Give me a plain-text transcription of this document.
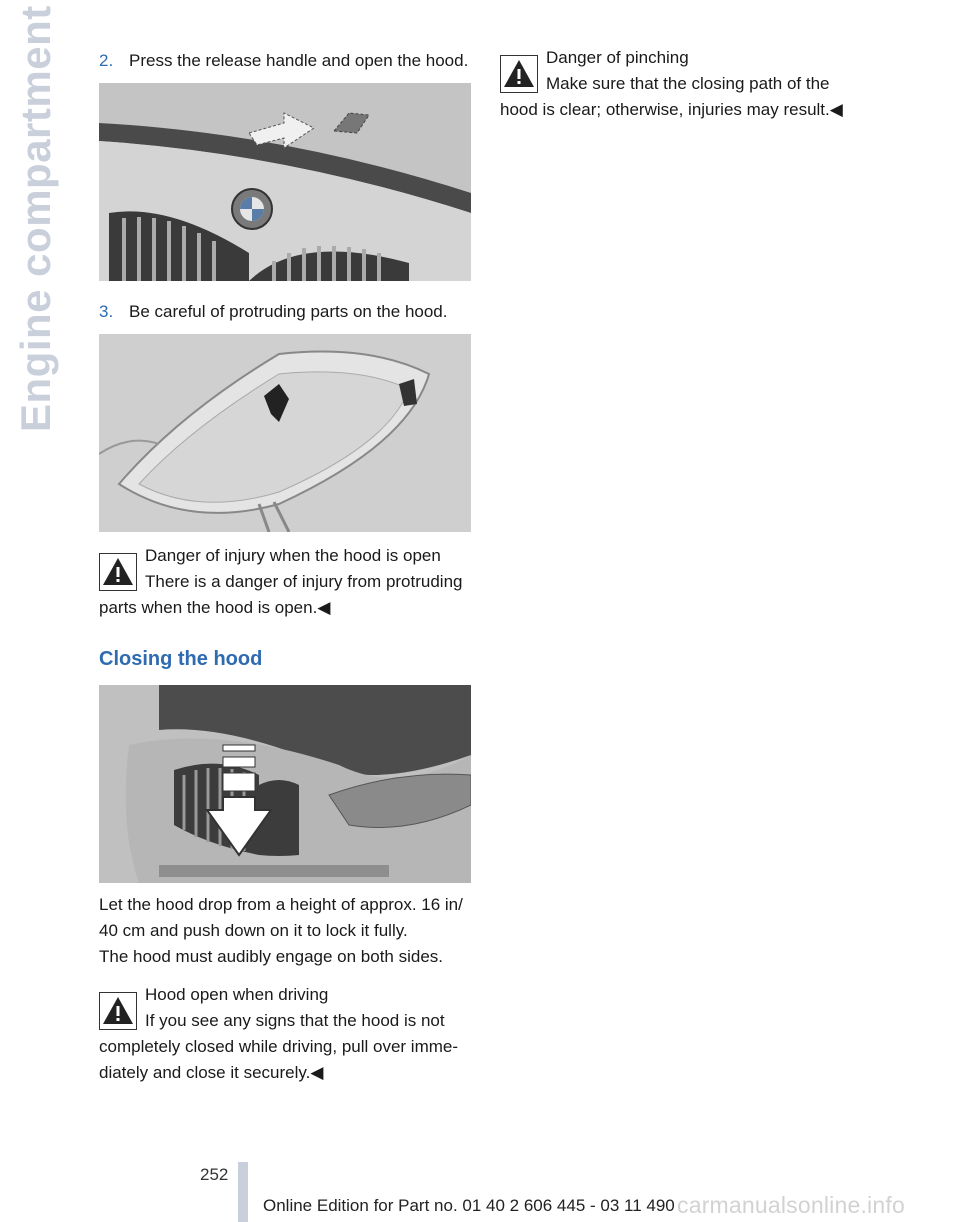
Engine compartment	2. Press the release handle and open the hood.
3. Be careful of protruding parts on the hood.

Danger of injury when the hood is open

There is a danger of injury from protruding

parts when the hood is open.◀

Closing the hood

Let the hood drop from a height of approx. 16 in/ 40 cm and push down on it to lock it fully.

The hood must audibly engage on both sides.

Hood open when driving

If you see any signs that the hood is not

completely closed while driving, pull over imme-diately and close it securely.◀

Danger of pinching

Make sure that the closing path of the

hood is clear; otherwise, injuries may result.◀

252
Online Edition for Part no. 01 40 2 606 445 - 03 11 490 carmanualsonline.info
